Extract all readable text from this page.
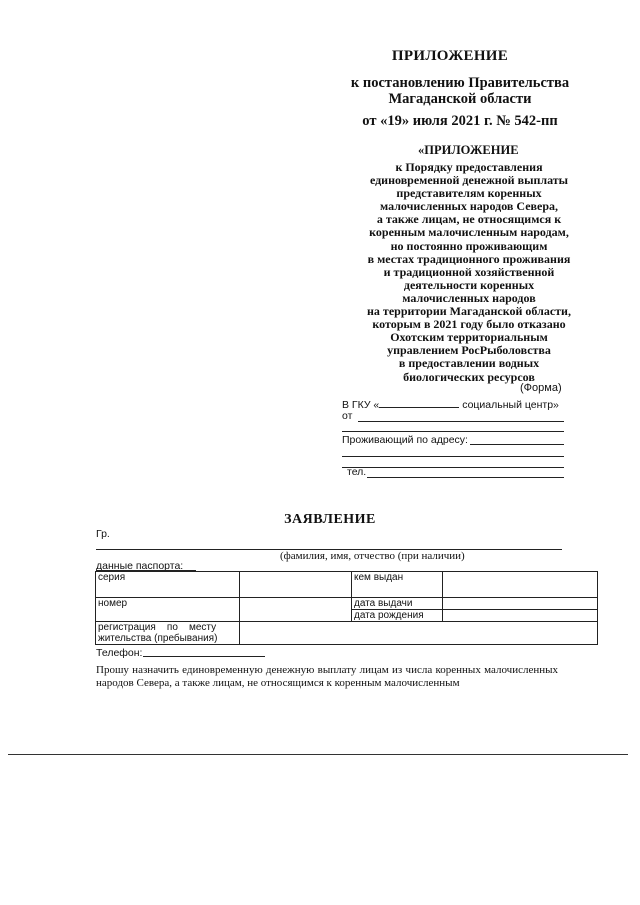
ПРИЛОЖЕНИЕ
к постановлению Правительства
Магаданской области
от «19» июля 2021 г. № 542-пп
«ПРИЛОЖЕНИЕ
к Порядку предоставления
единовременной денежной выплаты
представителям коренных
малочисленных народов Севера,
а также лицам, не относящимся к
коренным малочисленным народам,
но постоянно проживающим
в местах традиционного проживания
и традиционной хозяйственной
деятельности коренных
малочисленных народов
на территории Магаданской области,
которым в 2021 году было отказано
Охотским территориальным
управлением РосРыболовства
в предоставлении водных
биологических ресурсов
(Форма)
В ГКУ «	социальный центр»
от
Проживающий по адресу:
тел.
ЗАЯВЛЕНИЕ
Гр.
(фамилия, имя, отчество (при наличии)
данные паспорта:
серия		кем выдан	
номер		дата выдачи	
		дата рождения	

регистрация    по    месту
жительства (пребывания)			

Телефон:
Прошу назначить единовременную денежную выплату лицам из числа коренных малочисленных народов Севера, а также лицам, не относящимся к коренным малочисленным
